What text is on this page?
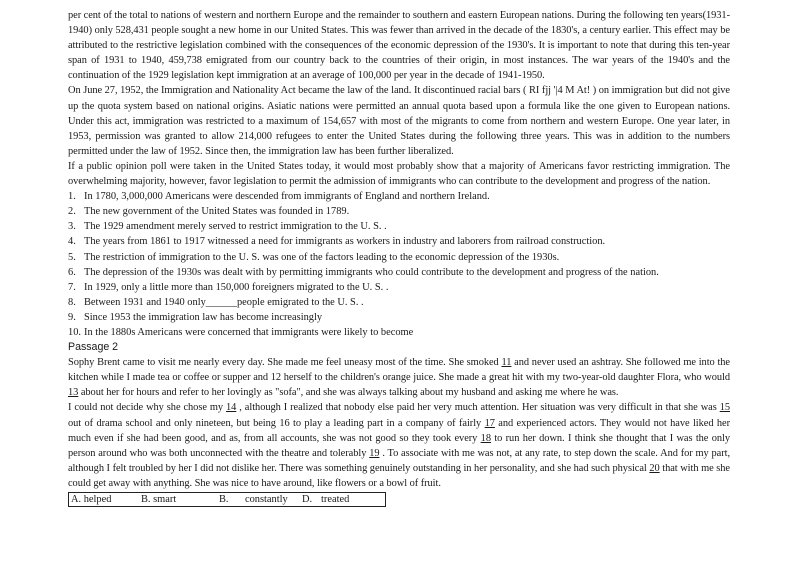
per cent of the total to nations of western and northern Europe and the remainder to southern and eastern European nations. During the following ten years(1931-1940) only 528,431 people sought a new home in our United States. This was fewer than arrived in the decade of the 1830's, a century earlier. This effect may be attributed to the restrictive legislation combined with the consequences of the economic depression of the 1930's. It is important to note that during this ten-year span of 1931 to 1940, 459,738 emigrated from our country back to the countries of their origin, in most instances. The war years of the 1940's and the continuation of the 1929 legislation kept immigration at an average of 100,000 per year in the decade of 1941-1950.

On June 27, 1952, the Immigration and Nationality Act became the law of the land. It discontinued racial bars ( RI fjj '|4 M At! ) on immigration but did not give up the quota system based on national origins. Asiatic nations were permitted an annual quota based upon a formula like the one given to European nations. Under this act, immigration was restricted to a maximum of 154,657 with most of the migrants to come from northern and western Europe. One year later, in 1953, permission was granted to allow 214,000 refugees to enter the United States during the following three years. This was in addition to the numbers permitted under the law of 1952. Since then, the immigration law has been further liberalized.

If a public opinion poll were taken in the United States today, it would most probably show that a majority of Americans favor restricting immigration. The overwhelming majority, however, favor legislation to permit the admission of immigrants who can contribute to the development and progress of the nation.

1. In 1780, 3,000,000 Americans were descended from immigrants of England and northern Ireland.
2. The new government of the United States was founded in 1789.
3. The 1929 amendment merely served to restrict immigration to the U. S. .
4. The years from 1861 to 1917 witnessed a need for immigrants as workers in industry and laborers from railroad construction.
5. The restriction of immigration to the U. S. was one of the factors leading to the economic depression of the 1930s.
6. The depression of the 1930s was dealt with by permitting immigrants who could contribute to the development and progress of the nation.
7. In 1929, only a little more than 150,000 foreigners migrated to the U. S. .
8. Between 1931 and 1940 only______people emigrated to the U. S. .
9. Since 1953 the immigration law has become increasingly
10. In the 1880s Americans were concerned that immigrants were likely to become

Passage 2

Sophy Brent came to visit me nearly every day. She made me feel uneasy most of the time. She smoked 11 and never used an ashtray. She followed me into the kitchen while I made tea or coffee or supper and 12 herself to the children's orange juice. She made a great hit with my two-year-old daughter Flora, who would 13 about her for hours and refer to her lovingly as "sofa", and she was always talking about my husband and asking me where he was.

I could not decide why she chose my 14 , although I realized that nobody else paid her very much attention. Her situation was very difficult in that she was 15 out of drama school and only nineteen, but being 16 to play a leading part in a company of fairly 17 and experienced actors. They would not have liked her much even if she had been good, and as, from all accounts, she was not good so they took every 18 to run her down. I think she thought that I was the only person around who was both unconnected with the theatre and tolerably 19 . To associate with me was not, at any rate, to step down the scale. And for my part, although I felt troubled by her I did not dislike her. There was something genuinely outstanding in her personality, and she had such physical 20 that with me she could get away with anything. She was nice to have around, like flowers or a bowl of fruit.

A. helped	B. smart	B. constantly D. treated
